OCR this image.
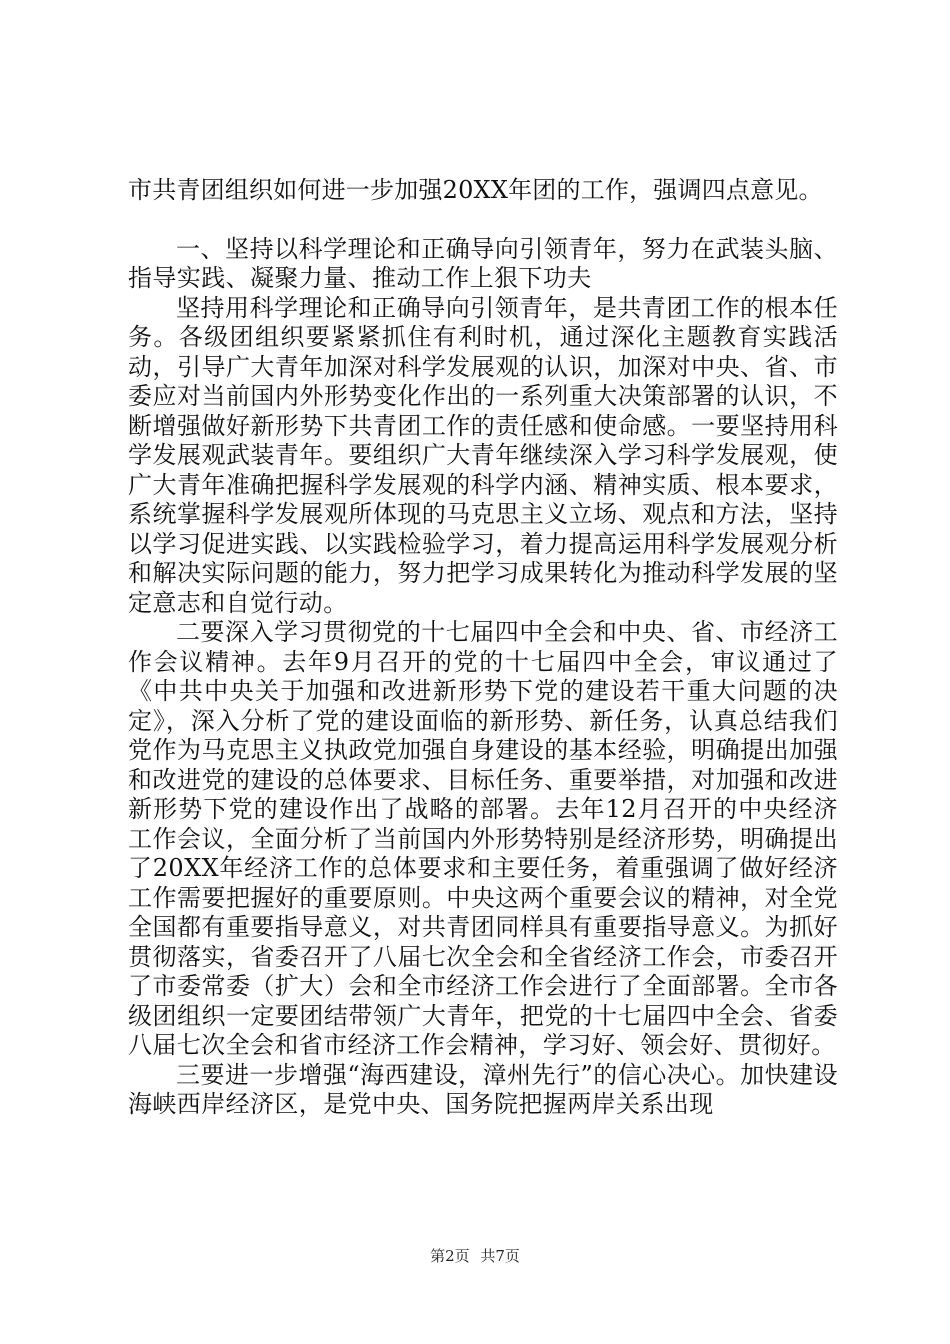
市共青团组织如何进一步加强20XX年团的工作，强调四点意见。

一、坚持以科学理论和正确导向引领青年，努力在武装头脑、指导实践、凝聚力量、推动工作上狠下功夫

坚持用科学理论和正确导向引领青年，是共青团工作的根本任务。各级团组织要紧紧抓住有利时机，通过深化主题教育实践活动，引导广大青年加深对科学发展观的认识，加深对中央、省、市委应对当前国内外形势变化作出的一系列重大决策部署的认识，不断增强做好新形势下共青团工作的责任感和使命感。一要坚持用科学发展观武装青年。要组织广大青年继续深入学习科学发展观，使广大青年准确把握科学发展观的科学内涵、精神实质、根本要求，系统掌握科学发展观所体现的马克思主义立场、观点和方法，坚持以学习促进实践、以实践检验学习，着力提高运用科学发展观分析和解决实际问题的能力，努力把学习成果转化为推动科学发展的坚定意志和自觉行动。

二要深入学习贯彻党的十七届四中全会和中央、省、市经济工作会议精神。去年9月召开的党的十七届四中全会，审议通过了《中共中央关于加强和改进新形势下党的建设若干重大问题的决定》，深入分析了党的建设面临的新形势、新任务，认真总结我们党作为马克思主义执政党加强自身建设的基本经验，明确提出加强和改进党的建设的总体要求、目标任务、重要举措，对加强和改进新形势下党的建设作出了战略的部署。去年12月召开的中央经济工作会议，全面分析了当前国内外形势特别是经济形势，明确提出了20XX年经济工作的总体要求和主要任务，着重强调了做好经济工作需要把握好的重要原则。中央这两个重要会议的精神，对全党全国都有重要指导意义，对共青团同样具有重要指导意义。为抓好贯彻落实，省委召开了八届七次全会和全省经济工作会，市委召开了市委常委（扩大）会和全市经济工作会进行了全面部署。全市各级团组织一定要团结带领广大青年，把党的十七届四中全会、省委八届七次全会和省市经济工作会精神，学习好、领会好、贯彻好。

三要进一步增强“海西建设，漳州先行”的信心决心。加快建设海峡西岸经济区，是党中央、国务院把握两岸关系出现

第2页 共7页
